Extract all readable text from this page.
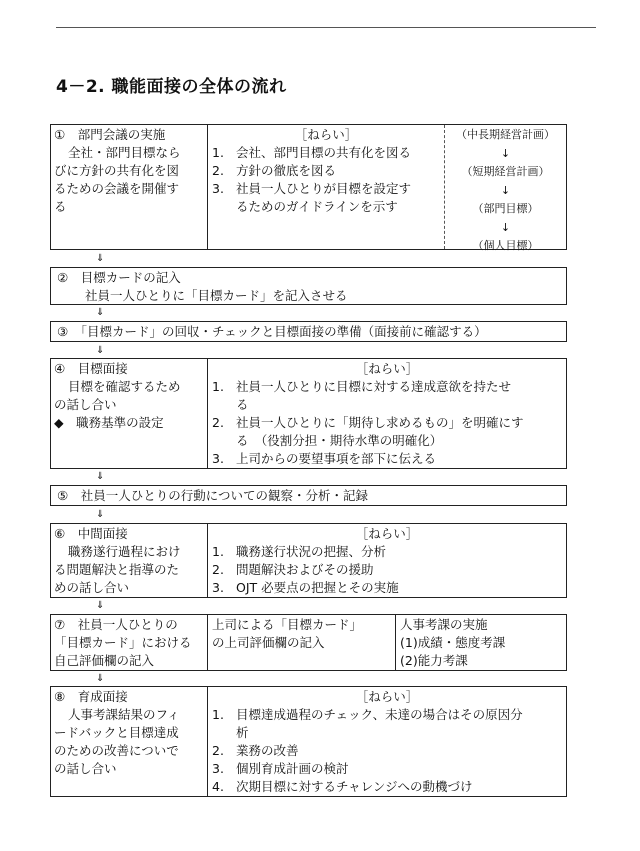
4－2. 職能面接の全体の流れ
①　部門会議の実施
全社・部門目標なら
びに方針の共有化を図
るための会議を開催す
る
［ねらい］
1. 会社、部門目標の共有化を図る
2. 方針の徹底を図る
3. 社員一人ひとりが目標を設定す
るためのガイドラインを示す
（中長期経営計画）
↓
（短期経営計画）
↓
（部門目標）
↓
（個人目標）
⇓
②　目標カードの記入
社員一人ひとりに「目標カード」を記入させる
⇓
③　「目標カード」の回収・チェックと目標面接の準備（面接前に確認する）
⇓
④　目標面接
目標を確認するため
の話し合い
◆　職務基準の設定
［ねらい］
1. 社員一人ひとりに目標に対する達成意欲を持たせ
る
2. 社員一人ひとりに「期待し求めるもの」を明確にす
る　（役割分担・期待水準の明確化）
3. 上司からの要望事項を部下に伝える
⇓
⑤　社員一人ひとりの行動についての観察・分析・記録
⇓
⑥　中間面接
職務遂行過程におけ
る問題解決と指導のた
めの話し合い
［ねらい］
1. 職務遂行状況の把握、分析
2. 問題解決およびその援助
3. OJT 必要点の把握とその実施
⇓
⑦　社員一人ひとりの
「目標カード」における
自己評価欄の記入
上司による「目標カード」
の上司評価欄の記入
人事考課の実施
(1)成績・態度考課
(2)能力考課
⇓
⑧　育成面接
人事考課結果のフィ
ードバックと目標達成
のための改善についで
の話し合い
［ねらい］
1. 目標達成過程のチェック、未達の場合はその原因分
析
2. 業務の改善
3. 個別育成計画の検討
4. 次期目標に対するチャレンジへの動機づけ
